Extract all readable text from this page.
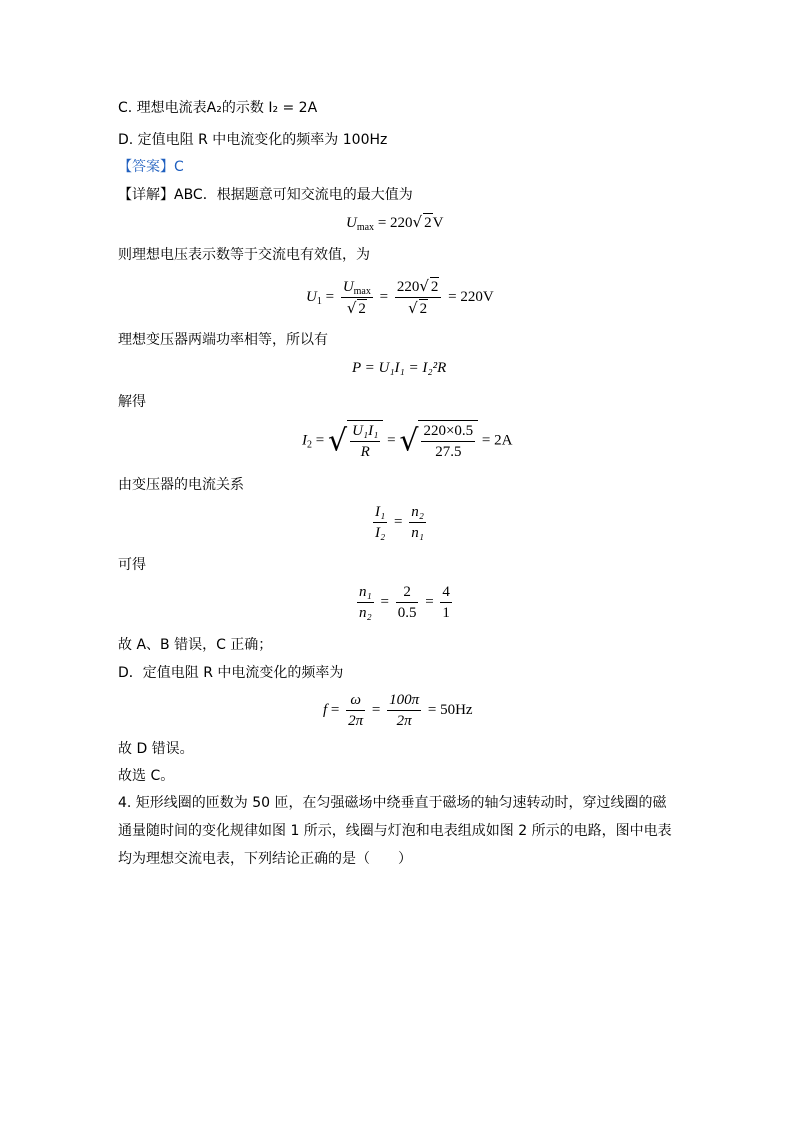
C. 理想电流表A₂的示数 I₂ = 2A
D. 定值电阻 R 中电流变化的频率为 100Hz
【答案】C
【详解】ABC．根据题意可知交流电的最大值为
$U_{max} = 220√$ 2V
则理想电压表示数等于交流电有效值，为
$U_1 = \frac{U_{max}}{√ 2} = \frac{220√ 2}{√ 2} = 220V$
理想变压器两端功率相等，所以有
P = U₁I₁ = I₂²R
解得
$I_2$ = √ $\frac{\text{U₁I₁}}{R}$ = √ $\frac{220\times 0.5}{27.5} = 2A$
由变压器的电流关系
$\frac{\text{I₁}}{\text{I₂}} = \frac{\text{n₂}}{\text{n₁}}$
可得
$\frac{\text{n₁}}{\text{n₂}} = \frac{2}{0.5} = \frac{4}{1}$
故 A、B 错误，C 正确；
D．定值电阻 R 中电流变化的频率为
$f = \frac{\omega}{2\pi} = \frac{100\pi}{2\pi} = 50Hz$
故 D 错误。
故选 C。
4. 矩形线圈的匝数为 50 匝，在匀强磁场中绕垂直于磁场的轴匀速转动时，穿过线圈的磁
通量随时间的变化规律如图 1 所示，线圈与灯泡和电表组成如图 2 所示的电路，图中电表
均为理想交流电表，下列结论正确的是（　　）
